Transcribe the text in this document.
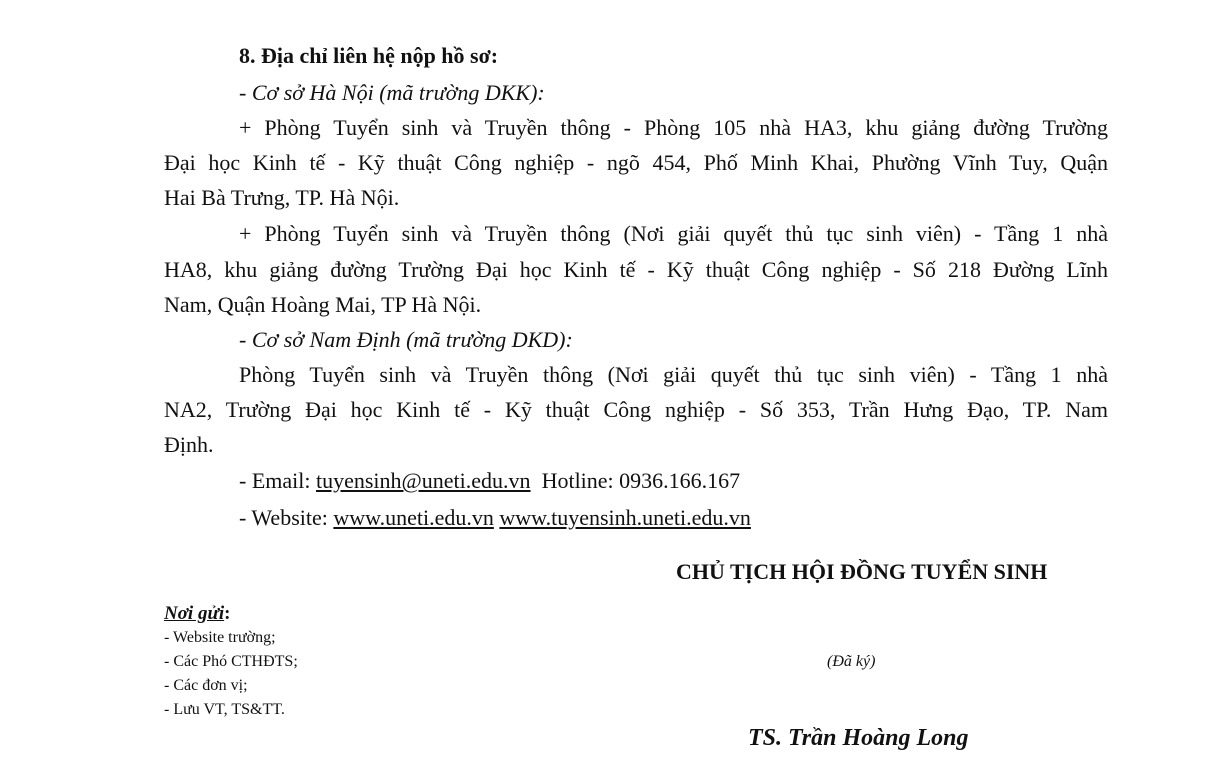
8. Địa chỉ liên hệ nộp hồ sơ:
- Cơ sở Hà Nội (mã trường DKK):
+ Phòng Tuyển sinh và Truyền thông - Phòng 105 nhà HA3, khu giảng đường Trường
Đại học Kinh tế - Kỹ thuật Công nghiệp - ngõ 454, Phố Minh Khai, Phường Vĩnh Tuy, Quận
Hai Bà Trưng, TP. Hà Nội.
+ Phòng Tuyển sinh và Truyền thông (Nơi giải quyết thủ tục sinh viên) - Tầng 1 nhà
HA8, khu giảng đường Trường Đại học Kinh tế - Kỹ thuật Công nghiệp - Số 218 Đường Lĩnh
Nam, Quận Hoàng Mai, TP Hà Nội.
- Cơ sở Nam Định (mã trường DKD):
Phòng Tuyển sinh và Truyền thông (Nơi giải quyết thủ tục sinh viên) - Tầng 1 nhà
NA2, Trường Đại học Kinh tế - Kỹ thuật Công nghiệp - Số 353, Trần Hưng Đạo, TP. Nam
Định.
- Email: tuyensinh@uneti.edu.vn Hotline: 0936.166.167
- Website: www.uneti.edu.vn www.tuyensinh.uneti.edu.vn
CHỦ TỊCH HỘI ĐỒNG TUYỂN SINH
Nơi gửi:
- Website trường;
- Các Phó CTHĐTS;
- Các đơn vị;
- Lưu VT, TS&TT.
(Đã ký)
TS. Trần Hoàng Long
